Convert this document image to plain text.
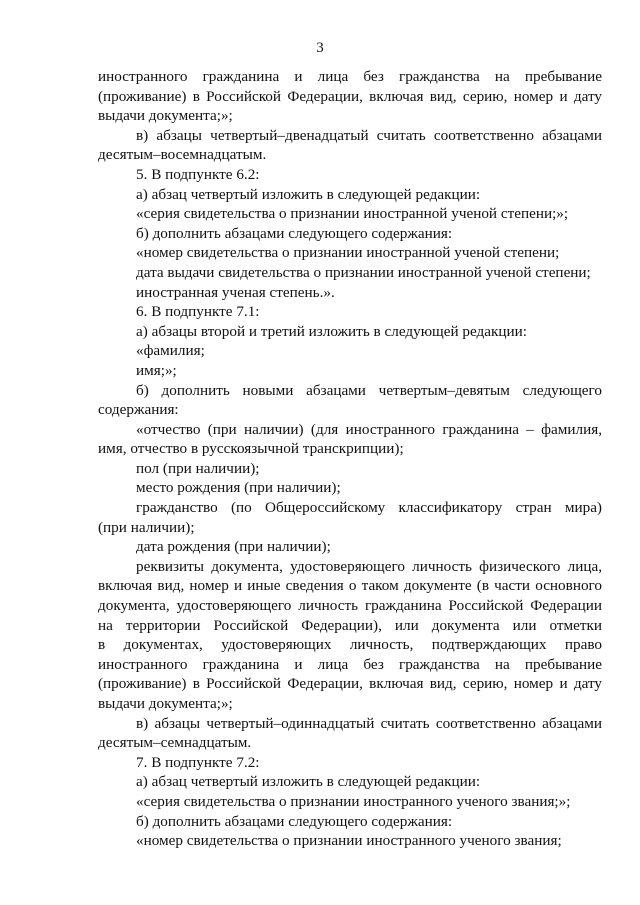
3

иностранного гражданина и лица без гражданства на пребывание

(проживание) в Российской Федерации, включая вид, серию, номер и дату

выдачи документа;»;

в) абзацы четвертый–двенадцатый считать соответственно абзацами

десятым–восемнадцатым.

5. В подпункте 6.2:

а) абзац четвертый изложить в следующей редакции:

«серия свидетельства о признании иностранной ученой степени;»;

б) дополнить абзацами следующего содержания:

«номер свидетельства о признании иностранной ученой степени;

дата выдачи свидетельства о признании иностранной ученой степени;

иностранная ученая степень.».

6. В подпункте 7.1:

а) абзацы второй и третий изложить в следующей редакции:

«фамилия;

имя;»;

б) дополнить новыми абзацами четвертым–девятым следующего

содержания:

«отчество (при наличии) (для иностранного гражданина – фамилия,

имя, отчество в русскоязычной транскрипции);

пол (при наличии);

место рождения (при наличии);

гражданство (по Общероссийскому классификатору стран мира)

(при наличии);

дата рождения (при наличии);

реквизиты документа, удостоверяющего личность физического лица,

включая вид, номер и иные сведения о таком документе (в части основного

документа, удостоверяющего личность гражданина Российской Федерации

на территории Российской Федерации), или документа или отметки

в документах, удостоверяющих личность, подтверждающих право

иностранного гражданина и лица без гражданства на пребывание

(проживание) в Российской Федерации, включая вид, серию, номер и дату

выдачи документа;»;

в) абзацы четвертый–одиннадцатый считать соответственно абзацами

десятым–семнадцатым.

7. В подпункте 7.2:

а) абзац четвертый изложить в следующей редакции:

«серия свидетельства о признании иностранного ученого звания;»;

б) дополнить абзацами следующего содержания:

«номер свидетельства о признании иностранного ученого звания;
